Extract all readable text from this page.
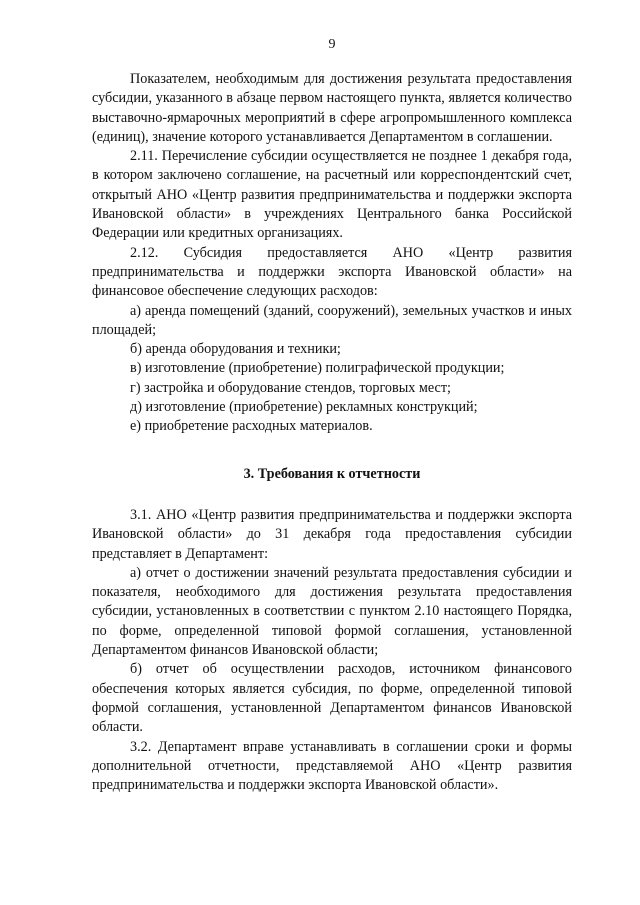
9

Показателем, необходимым для достижения результата предоставления субсидии, указанного в абзаце первом настоящего пункта, является количество выставочно-ярмарочных мероприятий в сфере агропромышленного комплекса (единиц), значение которого устанавливается Департаментом в соглашении.

2.11. Перечисление субсидии осуществляется не позднее 1 декабря года, в котором заключено соглашение, на расчетный или корреспондентский счет, открытый АНО «Центр развития предпринимательства и поддержки экспорта Ивановской области» в учреждениях Центрального банка Российской Федерации или кредитных организациях.

2.12. Субсидия предоставляется АНО «Центр развития предпринимательства и поддержки экспорта Ивановской области» на финансовое обеспечение следующих расходов:

а) аренда помещений (зданий, сооружений), земельных участков и иных площадей;

б) аренда оборудования и техники;

в) изготовление (приобретение) полиграфической продукции;

г) застройка и оборудование стендов, торговых мест;

д) изготовление (приобретение) рекламных конструкций;

е) приобретение расходных материалов.

3. Требования к отчетности

3.1. АНО «Центр развития предпринимательства и поддержки экспорта Ивановской области» до 31 декабря года предоставления субсидии представляет в Департамент:

а) отчет о достижении значений результата предоставления субсидии и показателя, необходимого для достижения результата предоставления субсидии, установленных в соответствии с пунктом 2.10 настоящего Порядка, по форме, определенной типовой формой соглашения, установленной Департаментом финансов Ивановской области;

б) отчет об осуществлении расходов, источником финансового обеспечения которых является субсидия, по форме, определенной типовой формой соглашения, установленной Департаментом финансов Ивановской области.

3.2. Департамент вправе устанавливать в соглашении сроки и формы дополнительной отчетности, представляемой АНО «Центр развития предпринимательства и поддержки экспорта Ивановской области».
